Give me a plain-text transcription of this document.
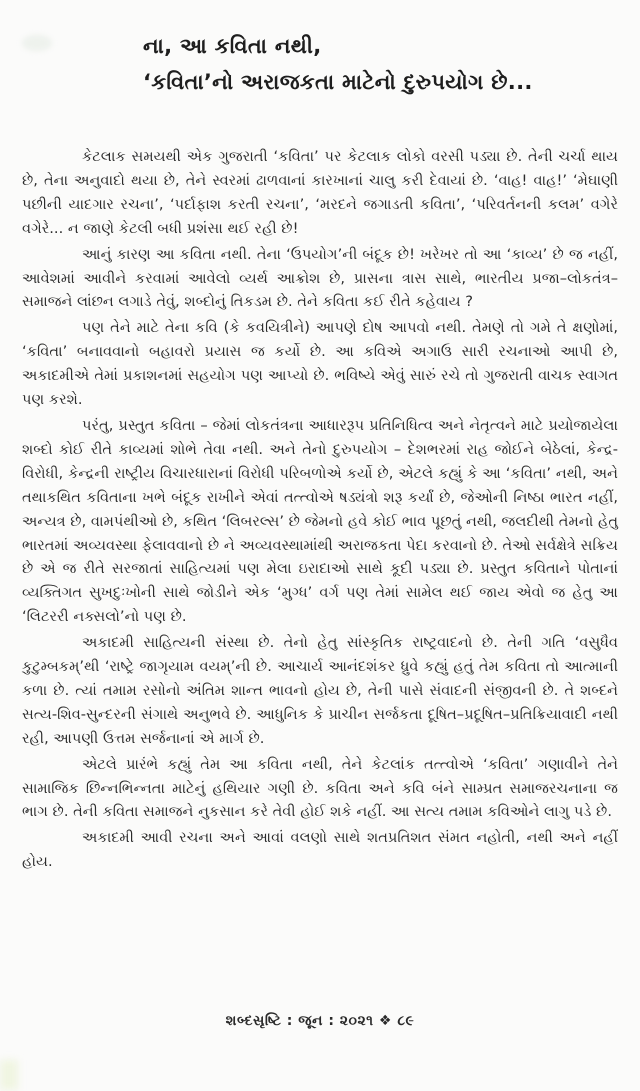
ના, આ કવિતા નથી,
‘કવિતા’નો અરાજકતા માટેનો દુરુપયોગ છે...

કેટલાક સમયથી એક ગુજરાતી ‘કવિતા’ પર કેટલાક લોકો વરસી પડ્યા છે. તેની ચર્ચા થાય છે, તેના અનુવાદો થયા છે, તેને સ્વરમાં ઢાળવાનાં કારખાનાં ચાલુ કરી દેવાયાં છે. ‘વાહ! વાહ!’ ‘મેઘાણી પછીની યાદગાર રચના’, ‘પર્દાફાશ કરતી રચના’, ‘મરદને જગાડતી કવિતા’, ‘પરિવર્તનની કલમ’ વગેરે વગેરે... ન જાણે કેટલી બધી પ્રશંસા થઈ રહી છે!

આનું કારણ આ કવિતા નથી. તેના ‘ઉપયોગ’ની બંદૂક છે! ખરેખર તો આ ‘કાવ્ય’ છે જ નહીં, આવેશમાં આવીને કરવામાં આવેલો વ્યર્થ આક્રોશ છે, પ્રાસના ત્રાસ સાથે, ભારતીય પ્રજા–લોકતંત્ર–સમાજને લાંછન લગાડે તેવું, શબ્દોનું તિકડમ છે. તેને કવિતા કઈ રીતે કહેવાય ?

પણ તેને માટે તેના કવિ (કે કવયિત્રીને) આપણે દોષ આપવો નથી. તેમણે તો ગમે તે ક્ષણોમાં, ‘કવિતા’ બનાવવાનો બહાવરો પ્રયાસ જ કર્યો છે. આ કવિએ અગાઉ સારી રચનાઓ આપી છે, અકાદમીએ તેમાં પ્રકાશનમાં સહયોગ પણ આપ્યો છે. ભવિષ્યે એવું સારું રચે તો ગુજરાતી વાચક સ્વાગત પણ કરશે.

પરંતુ, પ્રસ્તુત કવિતા – જેમાં લોકતંત્રના આધારરૂપ પ્રતિનિધિત્વ અને નેતૃત્વને માટે પ્રયોજાયેલા શબ્દો કોઈ રીતે કાવ્યમાં શોભે તેવા નથી. અને તેનો દુરુપયોગ – દેશભરમાં રાહ જોઈને બેઠેલાં, કેન્દ્ર-વિરોધી, કેન્દ્રની રાષ્ટ્રીય વિચારધારાનાં વિરોધી પરિબળોએ કર્યો છે, એટલે કહ્યું કે આ ‘કવિતા’ નથી, અને તથાકથિત કવિતાના ખભે બંદૂક રાખીને એવાં તત્ત્વોએ ષડ્યંત્રો શરૂ કર્યાં છે, જેઓની નિષ્ઠા ભારત નહીં, અન્યત્ર છે, વામપંથીઓ છે, કથિત ‘લિબરલ્સ’ છે જેમનો હવે કોઈ ભાવ પૂછતું નથી, જલદીથી તેમનો હેતુ ભારતમાં અવ્યવસ્થા ફેલાવવાનો છે ને અવ્યવસ્થામાંથી અરાજકતા પેદા કરવાનો છે. તેઓ સર્વક્ષેત્રે સક્રિય છે એ જ રીતે સરજાતાં સાહિત્યમાં પણ મેલા ઇરાદાઓ સાથે કૂદી પડ્યા છે. પ્રસ્તુત કવિતાને પોતાનાં વ્યક્તિગત સુખદુઃખોની સાથે જોડીને એક ‘મુગ્ધ’ વર્ગ પણ તેમાં સામેલ થઈ જાય એવો જ હેતુ આ ‘લિટરરી નક્સલો’નો પણ છે.

અકાદમી સાહિત્યની સંસ્થા છે. તેનો હેતુ સાંસ્કૃતિક રાષ્ટ્રવાદનો છે. તેની ગતિ ‘વસુધૈવ કુટુમ્બકમ્’થી ‘રાષ્ટ્રે જાગૃયામ વયમ્’ની છે. આચાર્ય આનંદશંકર ધ્રુવે કહ્યું હતું તેમ કવિતા તો આત્માની કળા છે. ત્યાં તમામ રસોનો અંતિમ શાન્ત ભાવનો હોય છે, તેની પાસે સંવાદની સંજીવની છે. તે શબ્દને સત્ય-શિવ-સુન્દરની સંગાથે અનુભવે છે. આધુનિક કે પ્રાચીન સર્જકતા દૂષિત–પ્રદૂષિત–પ્રતિક્રિયાવાદી નથી રહી, આપણી ઉત્તમ સર્જનાનાં એ માર્ગ છે.

એટલે પ્રારંભે કહ્યું તેમ આ કવિતા નથી, તેને કેટલાંક તત્ત્વોએ ‘કવિતા’ ગણાવીને તેને સામાજિક છિન્નભિન્નતા માટેનું હથિયાર ગણી છે. કવિતા અને કવિ બંને સામ્પ્રત સમાજરચનાના જ ભાગ છે. તેની કવિતા સમાજને નુકસાન કરે તેવી હોઈ શકે નહીં. આ સત્ય તમામ કવિઓને લાગુ પડે છે.

અકાદમી આવી રચના અને આવાં વલણો સાથે શતપ્રતિશત સંમત નહોતી, નથી અને નહીં હોય.

શબ્દસૃષ્ટિ : જૂન : ૨૦૨૧ ❖ ૮૯
